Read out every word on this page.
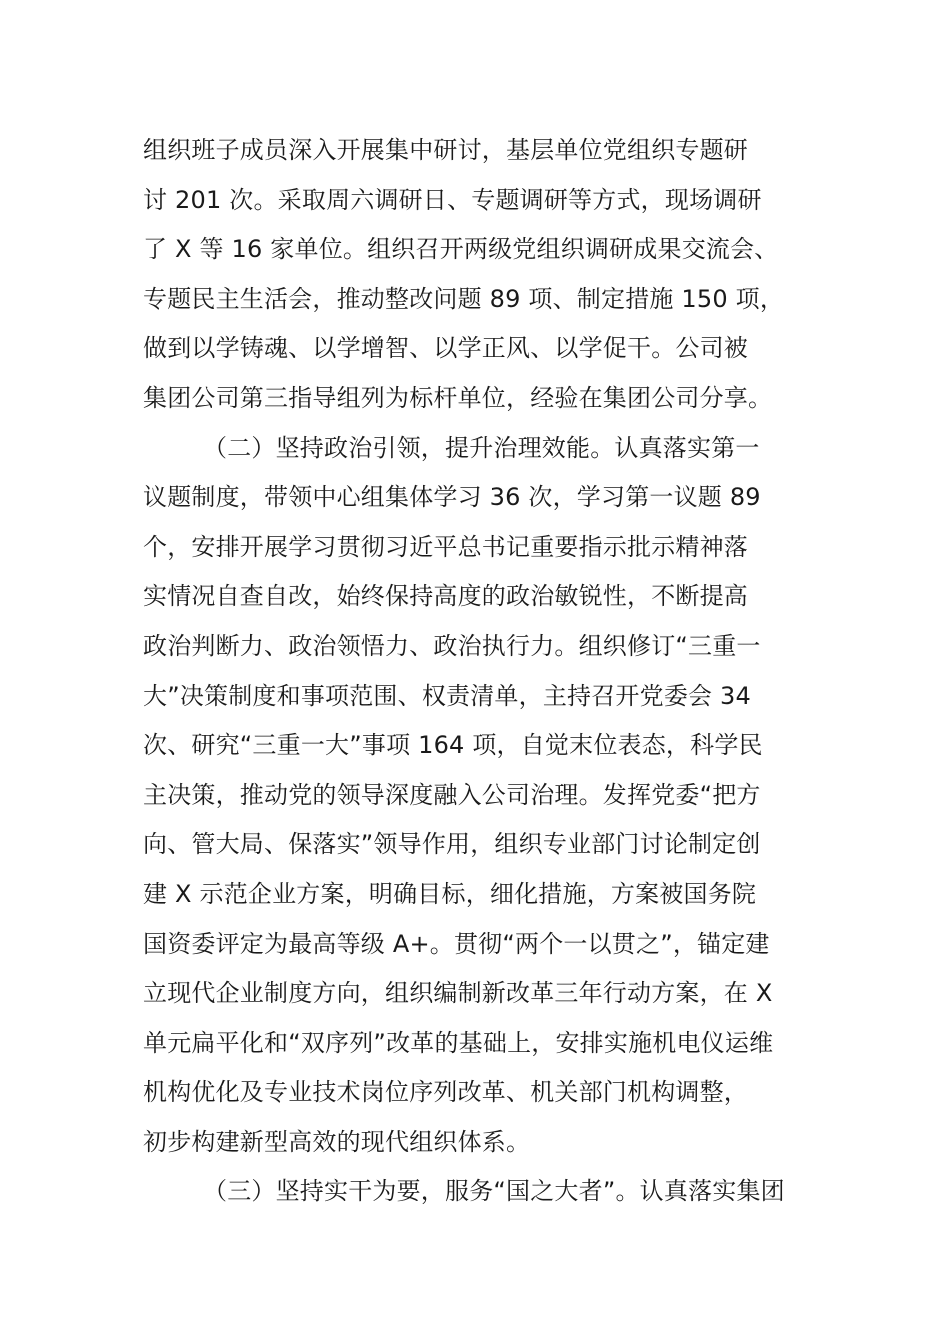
组织班子成员深入开展集中研讨，基层单位党组织专题研
讨 201 次。采取周六调研日、专题调研等方式，现场调研
了 X 等 16 家单位。组织召开两级党组织调研成果交流会、
专题民主生活会，推动整改问题 89 项、制定措施 150 项，
做到以学铸魂、以学增智、以学正风、以学促干。公司被
集团公司第三指导组列为标杆单位，经验在集团公司分享。
（二）坚持政治引领，提升治理效能。认真落实第一
议题制度，带领中心组集体学习 36 次，学习第一议题 89
个，安排开展学习贯彻习近平总书记重要指示批示精神落
实情况自查自改，始终保持高度的政治敏锐性，不断提高
政治判断力、政治领悟力、政治执行力。组织修订“三重一
大”决策制度和事项范围、权责清单，主持召开党委会 34
次、研究“三重一大”事项 164 项，自觉末位表态，科学民
主决策，推动党的领导深度融入公司治理。发挥党委“把方
向、管大局、保落实”领导作用，组织专业部门讨论制定创
建 X 示范企业方案，明确目标，细化措施，方案被国务院
国资委评定为最高等级 A+。贯彻“两个一以贯之”，锚定建
立现代企业制度方向，组织编制新改革三年行动方案，在 X
单元扁平化和“双序列”改革的基础上，安排实施机电仪运维
机构优化及专业技术岗位序列改革、机关部门机构调整，
初步构建新型高效的现代组织体系。
（三）坚持实干为要，服务“国之大者”。认真落实集团
